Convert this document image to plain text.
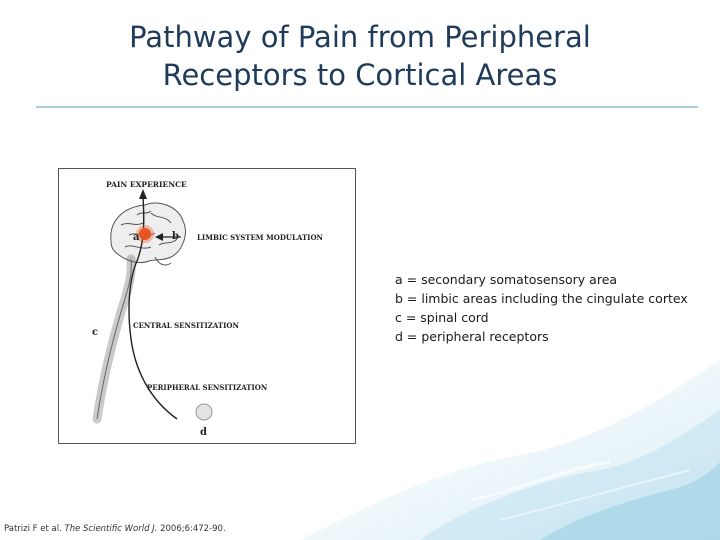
Pathway of Pain from Peripheral
Receptors to Cortical Areas
PAIN EXPERIENCE
LIMBIC SYSTEM MODULATION
CENTRAL SENSITIZATION
PERIPHERAL SENSITIZATION
a	b
c
d
a = secondary somatosensory area
b = limbic areas including the cingulate cortex
c = spinal cord
d = peripheral receptors
Patrizi F et al. The Scientific World J. 2006;6:472-90.
